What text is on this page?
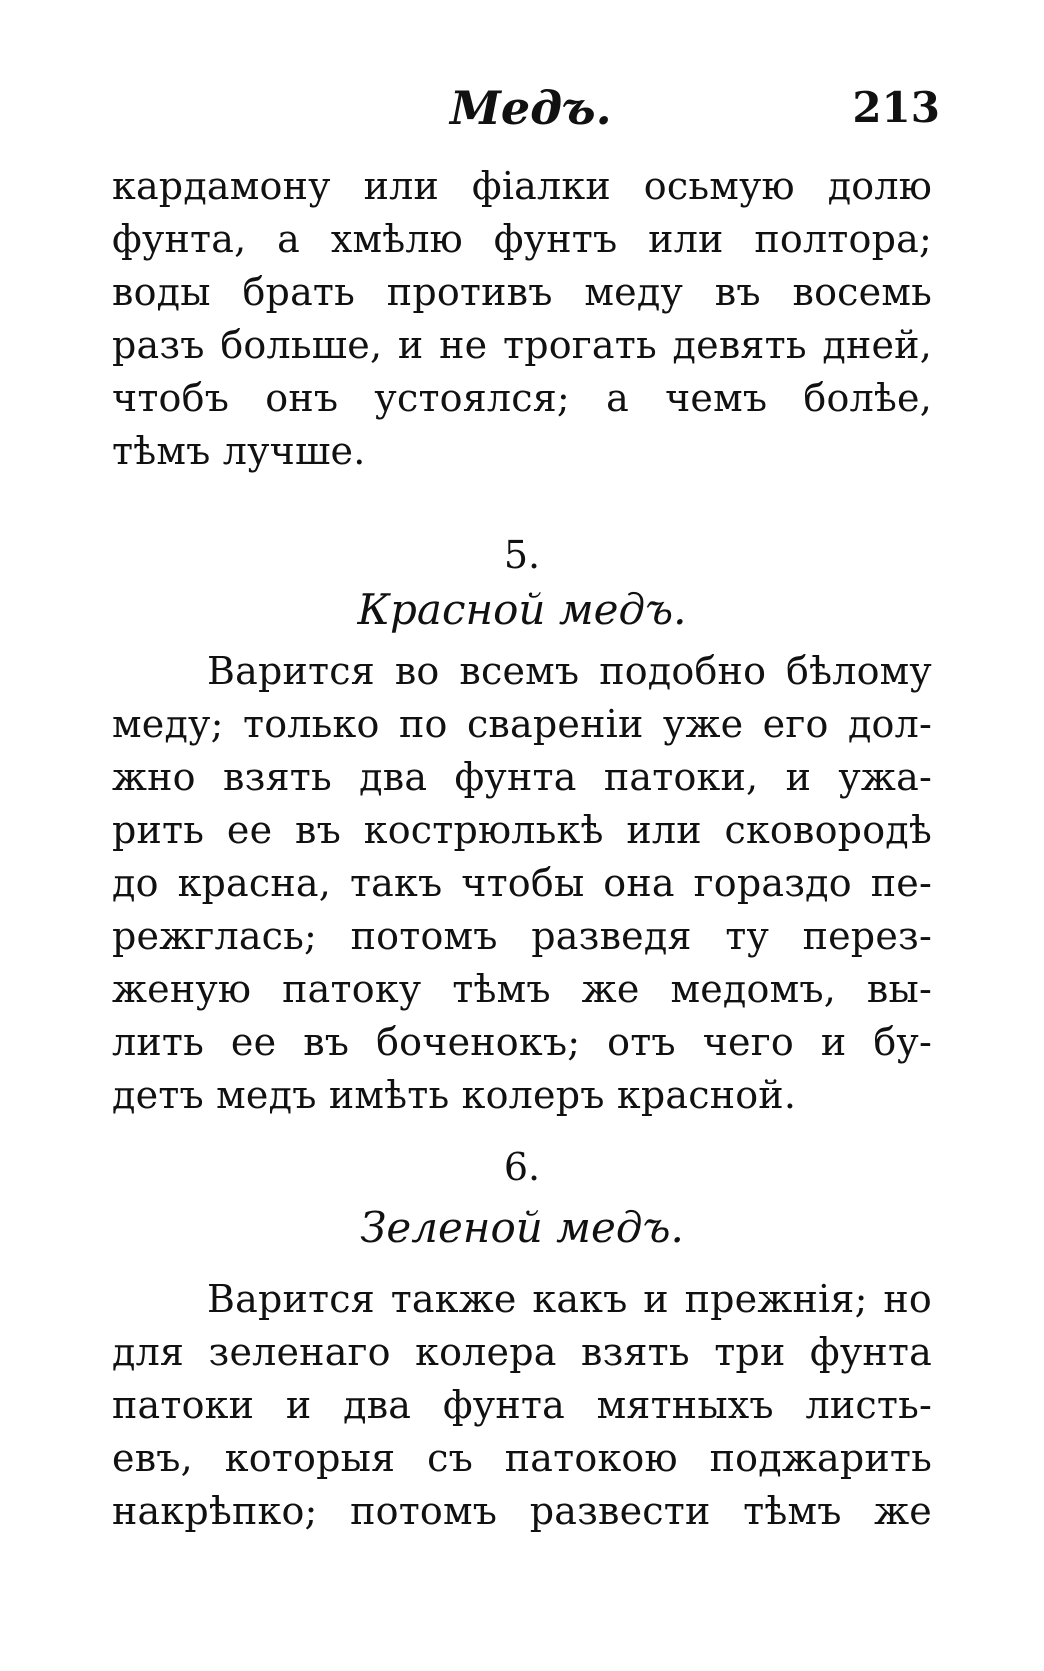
Медъ.	213
кардамону или фіалки осьмую долю
фунта, а хмѣлю фунтъ или полтора;
воды брать противъ меду въ восемь
разъ больше, и не трогать девять дней,
чтобъ онъ устоялся; а чемъ болѣе,
тѣмъ лучше.
5.
Красной медъ.
Варится во всемъ подобно бѣлому
меду; только по свареніи уже его дол-
жно взять два фунта патоки, и ужа-
рить ее въ кострюлькѣ или сковородѣ
до красна, такъ чтобы она гораздо пе-
режглась; потомъ разведя ту перез-
женую патоку тѣмъ же медомъ, вы-
лить ее въ боченокъ; отъ чего и бу-
детъ медъ имѣть колеръ красной.
6.
Зеленой медъ.
Варится также какъ и прежнія; но
для зеленаго колера взять три фунта
патоки и два фунта мятныхъ листь-
евъ, которыя съ патокою поджарить
накрѣпко; потомъ развести тѣмъ же
